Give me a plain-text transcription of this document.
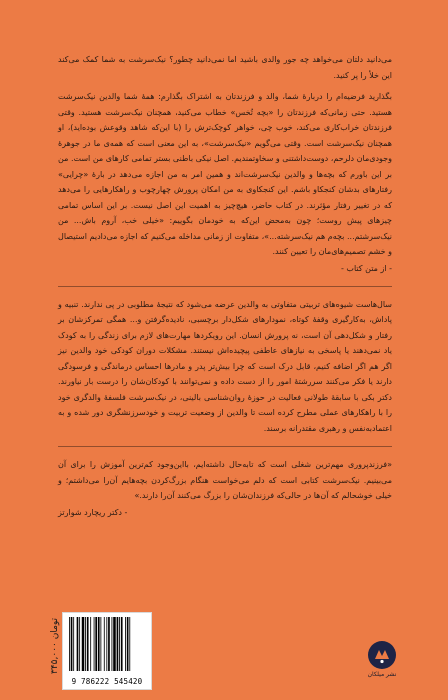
می‌دانید دلتان می‌خواهد چه جور والدی باشید اما نمی‌دانید چطور؟ نیک‌سرشت به شما کمک می‌کند این خلأ را پر کنید.

بگذارید فرضیه‌ام را دربارهٔ شما، والد و فرزندتان به اشتراک بگذارم: همهٔ شما والدین نیک‌سرشت هستید. حتی زمانی‌که فرزندتان را «بچه تُخس» خطاب می‌کنید، همچنان نیک‌سرشت هستید. وقتی فرزندتان خراب‌کاری می‌کند، خوب چی، خواهر کوچک‌ترش را (با این‌که شاهد وقوعش بوده‌اید)، او همچنان نیک‌سرشت است. وقتی می‌گویم «نیک‌سرشت»، به این معنی است که همه‌ی ما در جوهرهٔ وجودی‌مان دلرحم، دوست‌داشتنی و سخاوتمندیم. اصل نیکی باطنی بستر تمامی کارهای من است. من بر این باورم که بچه‌ها و والدین نیک‌سرشت‌اند و همین امر به من اجازه می‌دهد در بارهٔ «چرایی» رفتارهای بدشان کنجکاو باشم. این کنجکاوی به من امکان پرورش چهارچوب و راهکارهایی را می‌دهد که در تغییر رفتار مؤثرند. در کتاب حاضر، هیچ‌چیز به اهمیت این اصل نیست. بر این اساس تمامی چیزهای پیش روست؛ چون به‌محض این‌که به خودمان بگوییم: «خیلی خب، آروم باش... من نیک‌سرشتم... بچه‌م هم نیک‌سرشته...»، متفاوت از زمانی مداخله می‌کنیم که اجازه می‌دادیم استیصال و خشم تصمیم‌های‌مان را تعیین کنند.

- از متن کتاب -

سال‌هاست شیوه‌های تربیتی متفاوتی به والدین عرضه می‌شود که نتیجهٔ مطلوبی در پی ندارند. تنبیه و پاداش، به‌کارگیری وقفهٔ کوتاه، نمودارهای شکل‌دار برچسبی، نادیده‌گرفتن و... همگی تمرکزشان بر رفتار و شکل‌دهی آن است، نه پرورش انسان. این رویکردها مهارت‌های لازم برای زندگی را به کودک یاد نمی‌دهند یا پاسخی به نیازهای عاطفی پیچیده‌اش نیستند. مشکلات دوران کودکی خود والدین نیز اگر هم اگر اضافه کنیم، قابل درک است که چرا بیش‌تر پدر و مادرها احساس درماندگی و فرسودگی دارند یا فکر می‌کنند سررشتهٔ امور را از دست داده و نمی‌توانند با کودکان‌شان را درست بار نیاورند. دکتر بکی با سابقهٔ طولانی فعالیت در حوزهٔ روان‌شناسی بالینی، در نیک‌سرشت فلسفهٔ والدگری خود را با راهکارهای عملی مطرح کرده است تا والدین از وضعیت تربیت و خودسرزنشگری دور شده و به اعتمادبه‌نفس و رهبری مقتدرانه برسند.

«فرزندپروری مهم‌ترین شغلی است که تابه‌حال داشته‌ایم، بااین‌وجود کم‌ترین آموزش را برای آن می‌بینیم. نیک‌سرشت کتابی است که دلم می‌خواست هنگام بزرگ‌کردن بچه‌هایم آن‌را می‌داشتم؛ و خیلی خوشحالم که آن‌ها در حالی‌که فرزندان‌شان را بزرگ می‌کنند آن‌را دارند.»

- دکتر ریچارد شوارتز
۳۴۵,۰۰۰ تومان
9 786222 545420
نشر میلکان
